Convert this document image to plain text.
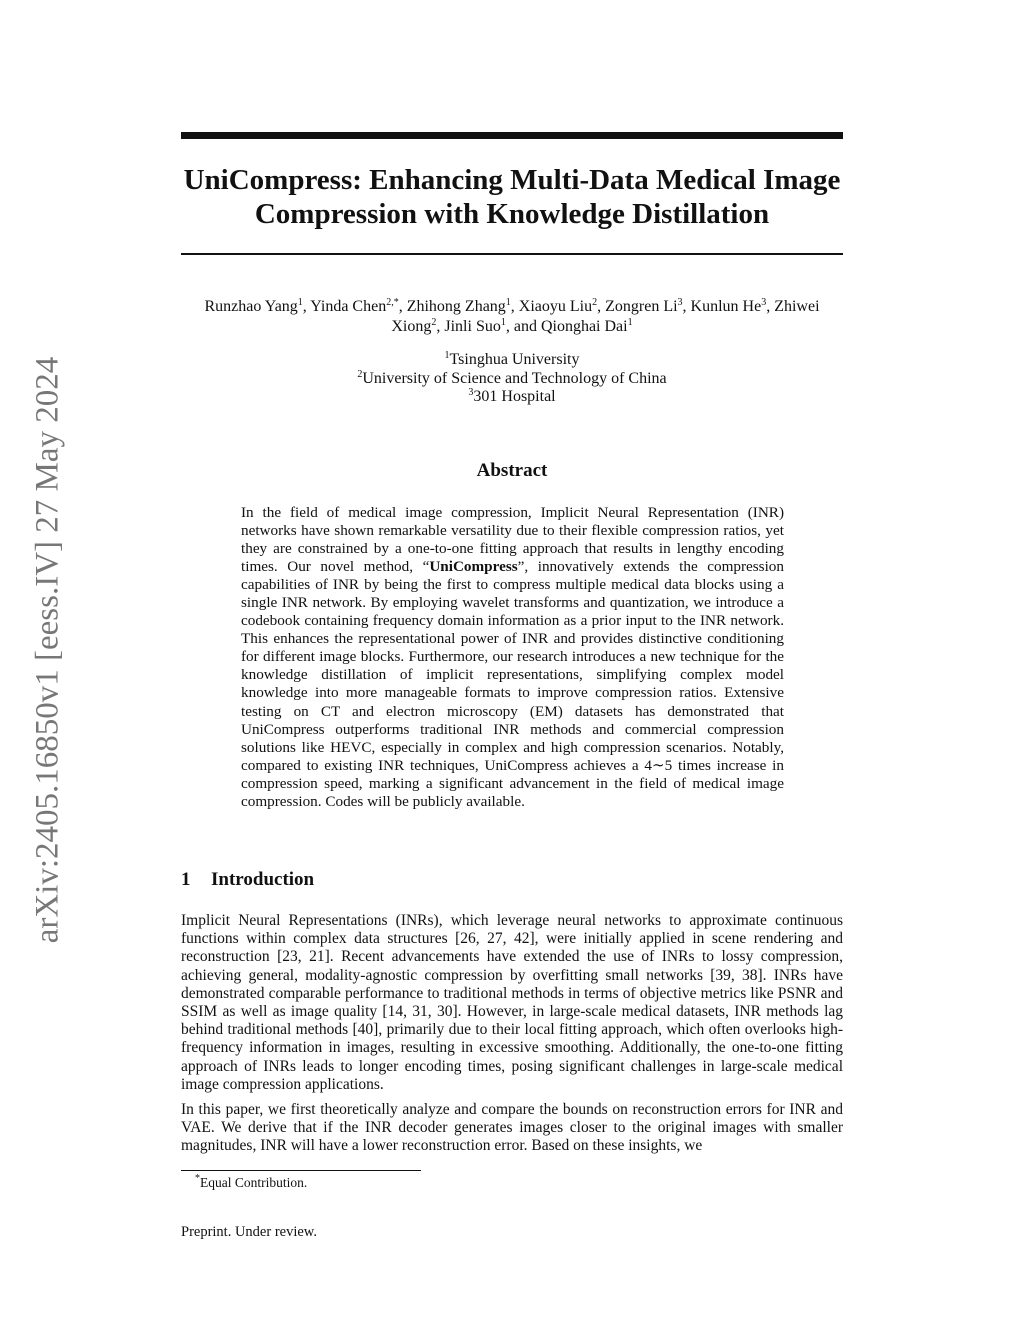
arXiv:2405.16850v1 [eess.IV] 27 May 2024
UniCompress: Enhancing Multi-Data Medical Image
Compression with Knowledge Distillation
Runzhao Yang$^1$, Yinda Chen$^{2,*}$, Zhihong Zhang$^1$, Xiaoyu Liu$^2$, Zongren Li$^3$, Kunlun He$^3$, Zhiwei Xiong$^2$, Jinli Suo$^1$, and Qionghai Dai$^1$
$^1$Tsinghua University
$^2$University of Science and Technology of China
$^3$301 Hospital
Abstract
In the field of medical image compression, Implicit Neural Representation (INR) networks have shown remarkable versatility due to their flexible compression ratios, yet they are constrained by a one-to-one fitting approach that results in lengthy encoding times. Our novel method, “UniCompress”, innovatively extends the compression capabilities of INR by being the first to compress multiple medical data blocks using a single INR network. By employing wavelet transforms and quantization, we introduce a codebook containing frequency domain information as a prior input to the INR network. This enhances the representational power of INR and provides distinctive conditioning for different image blocks. Furthermore, our research introduces a new technique for the knowledge distillation of implicit representations, simplifying complex model knowledge into more manageable formats to improve compression ratios. Extensive testing on CT and electron microscopy (EM) datasets has demonstrated that UniCompress outperforms traditional INR methods and commercial compression solutions like HEVC, especially in complex and high compression scenarios. Notably, compared to existing INR techniques, UniCompress achieves a 4∼5 times increase in compression speed, marking a significant advancement in the field of medical image compression. Codes will be publicly available.
1 Introduction

Implicit Neural Representations (INRs), which leverage neural networks to approximate continuous functions within complex data structures [26, 27, 42], were initially applied in scene rendering and reconstruction [23, 21]. Recent advancements have extended the use of INRs to lossy compression, achieving general, modality-agnostic compression by overfitting small networks [39, 38]. INRs have demonstrated comparable performance to traditional methods in terms of objective metrics like PSNR and SSIM as well as image quality [14, 31, 30]. However, in large-scale medical datasets, INR methods lag behind traditional methods [40], primarily due to their local fitting approach, which often overlooks high-frequency information in images, resulting in excessive smoothing. Additionally, the one-to-one fitting approach of INRs leads to longer encoding times, posing significant challenges in large-scale medical image compression applications.

In this paper, we first theoretically analyze and compare the bounds on reconstruction errors for INR and VAE. We derive that if the INR decoder generates images closer to the original images with smaller magnitudes, INR will have a lower reconstruction error. Based on these insights, we

*Equal Contribution.
Preprint. Under review.
